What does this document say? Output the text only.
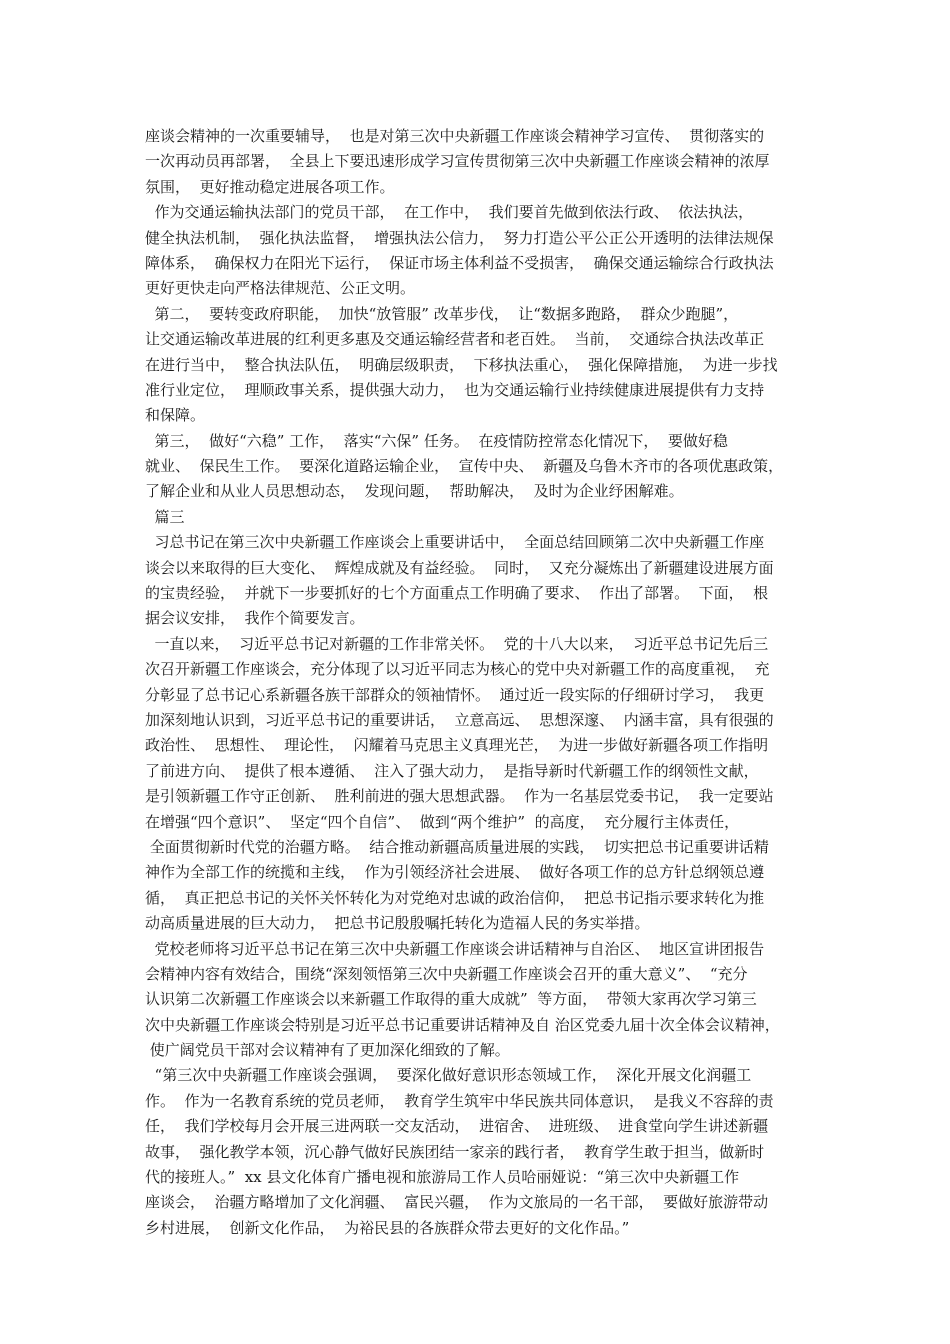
座谈会精神的一次重要辅导，  也是对第三次中央新疆工作座谈会精神学习宣传、  贯彻落实的
一次再动员再部署，  全县上下要迅速形成学习宣传贯彻第三次中央新疆工作座谈会精神的浓厚
氛围，  更好推动稳定进展各项工作。
作为交通运输执法部门的党员干部，  在工作中，  我们要首先做到依法行政、  依法执法，
健全执法机制，  强化执法监督，  增强执法公信力，  努力打造公平公正公开透明的法律法规保
障体系，  确保权力在阳光下运行，  保证市场主体利益不受损害，  确保交通运输综合行政执法
更好更快走向严格法律规范、公正文明。
第二，  要转变政府职能，  加快“放管服” 改革步伐，  让“数据多跑路，  群众少跑腿”，
让交通运输改革进展的红利更多惠及交通运输经营者和老百姓。  当前，  交通综合执法改革正
在进行当中，  整合执法队伍，  明确层级职责，  下移执法重心，  强化保障措施，  为进一步找
准行业定位，  理顺政事关系，提供强大动力，  也为交通运输行业持续健康进展提供有力支持
和保障。
第三，  做好“六稳” 工作，  落实“六保” 任务。  在疫情防控常态化情况下，  要做好稳
就业、  保民生工作。  要深化道路运输企业，  宣传中央、  新疆及乌鲁木齐市的各项优惠政策，
了解企业和从业人员思想动态，  发现问题，  帮助解决，  及时为企业纾困解难。
篇三
习总书记在第三次中央新疆工作座谈会上重要讲话中，  全面总结回顾第二次中央新疆工作座
谈会以来取得的巨大变化、  辉煌成就及有益经验。  同时，  又充分凝炼出了新疆建设进展方面
的宝贵经验，  并就下一步要抓好的七个方面重点工作明确了要求、  作出了部署。  下面，  根
据会议安排，  我作个简要发言。
一直以来，  习近平总书记对新疆的工作非常关怀。  党的十八大以来，  习近平总书记先后三
次召开新疆工作座谈会，充分体现了以习近平同志为核心的党中央对新疆工作的高度重视，  充
分彰显了总书记心系新疆各族干部群众的领袖情怀。  通过近一段实际的仔细研讨学习，  我更
加深刻地认识到，习近平总书记的重要讲话，  立意高远、  思想深邃、  内涵丰富，具有很强的
政治性、  思想性、  理论性，  闪耀着马克思主义真理光芒，  为进一步做好新疆各项工作指明
了前进方向、  提供了根本遵循、  注入了强大动力，  是指导新时代新疆工作的纲领性文献，
是引领新疆工作守正创新、  胜利前进的强大思想武器。  作为一名基层党委书记，  我一定要站
在增强“四个意识”、  坚定“四个自信”、  做到“两个维护”  的高度，  充分履行主体责任，
全面贯彻新时代党的治疆方略。  结合推动新疆高质量进展的实践，  切实把总书记重要讲话精
神作为全部工作的统揽和主线，  作为引领经济社会进展、  做好各项工作的总方针总纲领总遵
循，  真正把总书记的关怀关怀转化为对党绝对忠诚的政治信仰，  把总书记指示要求转化为推
动高质量进展的巨大动力，  把总书记殷殷嘱托转化为造福人民的务实举措。
党校老师将习近平总书记在第三次中央新疆工作座谈会讲话精神与自治区、  地区宣讲团报告
会精神内容有效结合，围绕“深刻领悟第三次中央新疆工作座谈会召开的重大意义”、  “充分
认识第二次新疆工作座谈会以来新疆工作取得的重大成就”  等方面，  带领大家再次学习第三
次中央新疆工作座谈会特别是习近平总书记重要讲话精神及自 治区党委九届十次全体会议精神，
使广阔党员干部对会议精神有了更加深化细致的了解。
“第三次中央新疆工作座谈会强调，  要深化做好意识形态领域工作，  深化开展文化润疆工
作。  作为一名教育系统的党员老师，  教育学生筑牢中华民族共同体意识，  是我义不容辞的责
任，  我们学校每月会开展三进两联一交友活动，  进宿舍、  进班级、  进食堂向学生讲述新疆
故事，  强化教学本领，沉心静气做好民族团结一家亲的践行者，  教育学生敢于担当，做新时
代的接班人。”  xx 县文化体育广播电视和旅游局工作人员哈丽娅说：“第三次中央新疆工作
座谈会，  治疆方略增加了文化润疆、  富民兴疆，  作为文旅局的一名干部，  要做好旅游带动
乡村进展，  创新文化作品，  为裕民县的各族群众带去更好的文化作品。”
